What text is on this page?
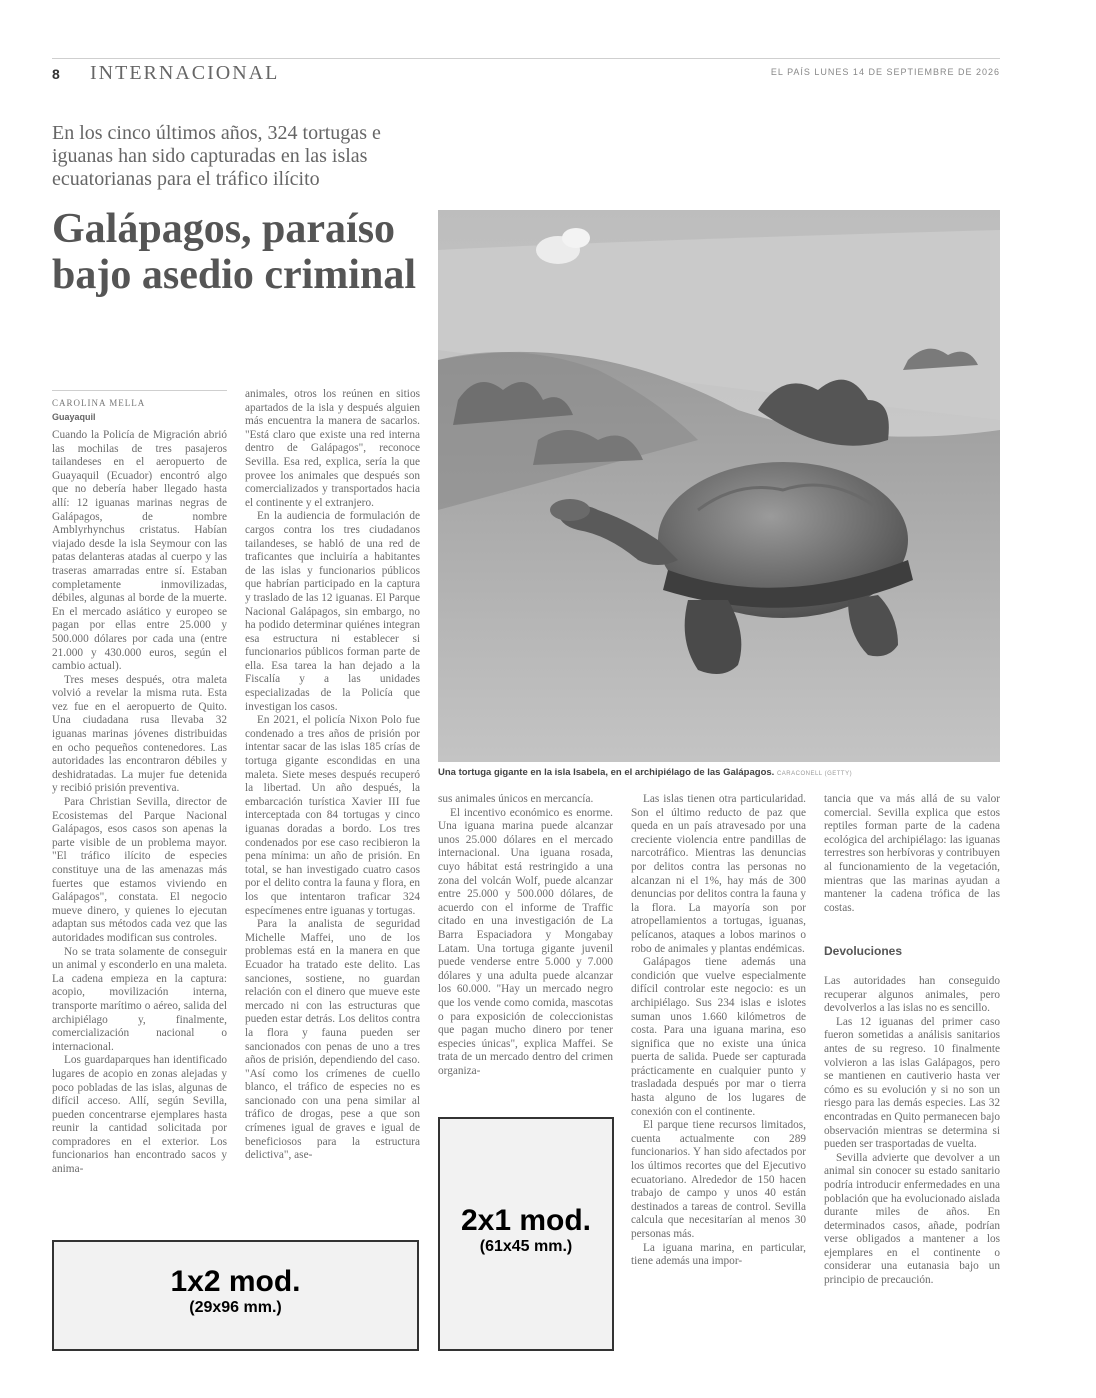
8 INTERNACIONAL	EL PAÍS LUNES 14 DE SEPTIEMBRE DE 2026
En los cinco últimos años, 324 tortugas e iguanas han sido capturadas en las islas ecuatorianas para el tráfico ilícito
Galápagos, paraíso bajo asedio criminal
Una tortuga gigante en la isla Isabela, en el archipiélago de las Galápagos. CARACONELL (GETTY)
CAROLINA MELLA
Guayaquil

Cuando la Policía de Migración abrió las mochilas de tres pasajeros tailandeses en el aeropuerto de Guayaquil (Ecuador) encontró algo que no debería haber llegado hasta allí: 12 iguanas marinas negras de Galápagos, de nombre Amblyrhynchus cristatus. Habían viajado desde la isla Seymour con las patas delanteras atadas al cuerpo y las traseras amarradas entre sí. Estaban completamente inmovilizadas, débiles, algunas al borde de la muerte. En el mercado asiático y europeo se pagan por ellas entre 25.000 y 500.000 dólares por cada una (entre 21.000 y 430.000 euros, según el cambio actual).

Tres meses después, otra maleta volvió a revelar la misma ruta. Esta vez fue en el aeropuerto de Quito. Una ciudadana rusa llevaba 32 iguanas marinas jóvenes distribuidas en ocho pequeños contenedores. Las autoridades las encontraron débiles y deshidratadas. La mujer fue detenida y recibió prisión preventiva.

Para Christian Sevilla, director de Ecosistemas del Parque Nacional Galápagos, esos casos son apenas la parte visible de un problema mayor. "El tráfico ilícito de especies constituye una de las amenazas más fuertes que estamos viviendo en Galápagos", constata. El negocio mueve dinero, y quienes lo ejecutan adaptan sus métodos cada vez que las autoridades modifican sus controles.

No se trata solamente de conseguir un animal y esconderlo en una maleta. La cadena empieza en la captura: acopio, movilización interna, transporte marítimo o aéreo, salida del archipiélago y, finalmente, comercialización nacional o internacional.

Los guardaparques han identificado lugares de acopio en zonas alejadas y poco pobladas de las islas, algunas de difícil acceso. Allí, según Sevilla, pueden concentrarse ejemplares hasta reunir la cantidad solicitada por compradores en el exterior. Los funcionarios han encontrado sacos y anima-

animales, otros los reúnen en sitios apartados de la isla y después alguien más encuentra la manera de sacarlos. "Está claro que existe una red interna dentro de Galápagos", reconoce Sevilla. Esa red, explica, sería la que provee los animales que después son comercializados y transportados hacia el continente y el extranjero.

En la audiencia de formulación de cargos contra los tres ciudadanos tailandeses, se habló de una red de traficantes que incluiría a habitantes de las islas y funcionarios públicos que habrían participado en la captura y traslado de las 12 iguanas. El Parque Nacional Galápagos, sin embargo, no ha podido determinar quiénes integran esa estructura ni establecer si funcionarios públicos forman parte de ella. Esa tarea la han dejado a la Fiscalía y a las unidades especializadas de la Policía que investigan los casos.

En 2021, el policía Nixon Polo fue condenado a tres años de prisión por intentar sacar de las islas 185 crías de tortuga gigante escondidas en una maleta. Siete meses después recuperó la libertad. Un año después, la embarcación turística Xavier III fue interceptada con 84 tortugas y cinco iguanas doradas a bordo. Los tres condenados por ese caso recibieron la pena mínima: un año de prisión. En total, se han investigado cuatro casos por el delito contra la fauna y flora, en los que intentaron traficar 324 especímenes entre iguanas y tortugas.

Para la analista de seguridad Michelle Maffei, uno de los problemas está en la manera en que Ecuador ha tratado este delito. Las sanciones, sostiene, no guardan relación con el dinero que mueve este mercado ni con las estructuras que pueden estar detrás. Los delitos contra la flora y fauna pueden ser sancionados con penas de uno a tres años de prisión, dependiendo del caso. "Así como los crímenes de cuello blanco, el tráfico de especies no es sancionado con una pena similar al tráfico de drogas, pese a que son crímenes igual de graves e igual de beneficiosos para la estructura delictiva", ase-

sus animales únicos en mercancía.

El incentivo económico es enorme. Una iguana marina puede alcanzar unos 25.000 dólares en el mercado internacional. Una iguana rosada, cuyo hábitat está restringido a una zona del volcán Wolf, puede alcanzar entre 25.000 y 500.000 dólares, de acuerdo con el informe de Traffic citado en una investigación de La Barra Espaciadora y Mongabay Latam. Una tortuga gigante juvenil puede venderse entre 5.000 y 7.000 dólares y una adulta puede alcanzar los 60.000. "Hay un mercado negro que los vende como comida, mascotas o para exposición de coleccionistas que pagan mucho dinero por tener especies únicas", explica Maffei. Se trata de un mercado dentro del crimen organiza-

Las islas tienen otra particularidad. Son el último reducto de paz que queda en un país atravesado por una creciente violencia entre pandillas de narcotráfico. Mientras las denuncias por delitos contra las personas no alcanzan ni el 1%, hay más de 300 denuncias por delitos contra la fauna y la flora. La mayoría son por atropellamientos a tortugas, iguanas, pelícanos, ataques a lobos marinos o robo de animales y plantas endémicas.

Galápagos tiene además una condición que vuelve especialmente difícil controlar este negocio: es un archipiélago. Sus 234 islas e islotes suman unos 1.660 kilómetros de costa. Para una iguana marina, eso significa que no existe una única puerta de salida. Puede ser capturada prácticamente en cualquier punto y trasladada después por mar o tierra hasta alguno de los lugares de conexión con el continente.

El parque tiene recursos limitados, cuenta actualmente con 289 funcionarios. Y han sido afectados por los últimos recortes que del Ejecutivo ecuatoriano. Alrededor de 150 hacen trabajo de campo y unos 40 están destinados a tareas de control. Sevilla calcula que necesitarían al menos 30 personas más.

La iguana marina, en particular, tiene además una impor-

tancia que va más allá de su valor comercial. Sevilla explica que estos reptiles forman parte de la cadena ecológica del archipiélago: las iguanas terrestres son herbívoras y contribuyen al funcionamiento de la vegetación, mientras que las marinas ayudan a mantener la cadena trófica de las costas.

Devoluciones

Las autoridades han conseguido recuperar algunos animales, pero devolverlos a las islas no es sencillo.

Las 12 iguanas del primer caso fueron sometidas a análisis sanitarios antes de su regreso. 10 finalmente volvieron a las islas Galápagos, pero se mantienen en cautiverio hasta ver cómo es su evolución y si no son un riesgo para las demás especies. Las 32 encontradas en Quito permanecen bajo observación mientras se determina si pueden ser trasportadas de vuelta.

Sevilla advierte que devolver a un animal sin conocer su estado sanitario podría introducir enfermedades en una población que ha evolucionado aislada durante miles de años. En determinados casos, añade, podrían verse obligados a mantener a los ejemplares en el continente o considerar una eutanasia bajo un principio de precaución.

1x2 mod.
(29x96 mm.)
2x1 mod.
(61x45 mm.)
